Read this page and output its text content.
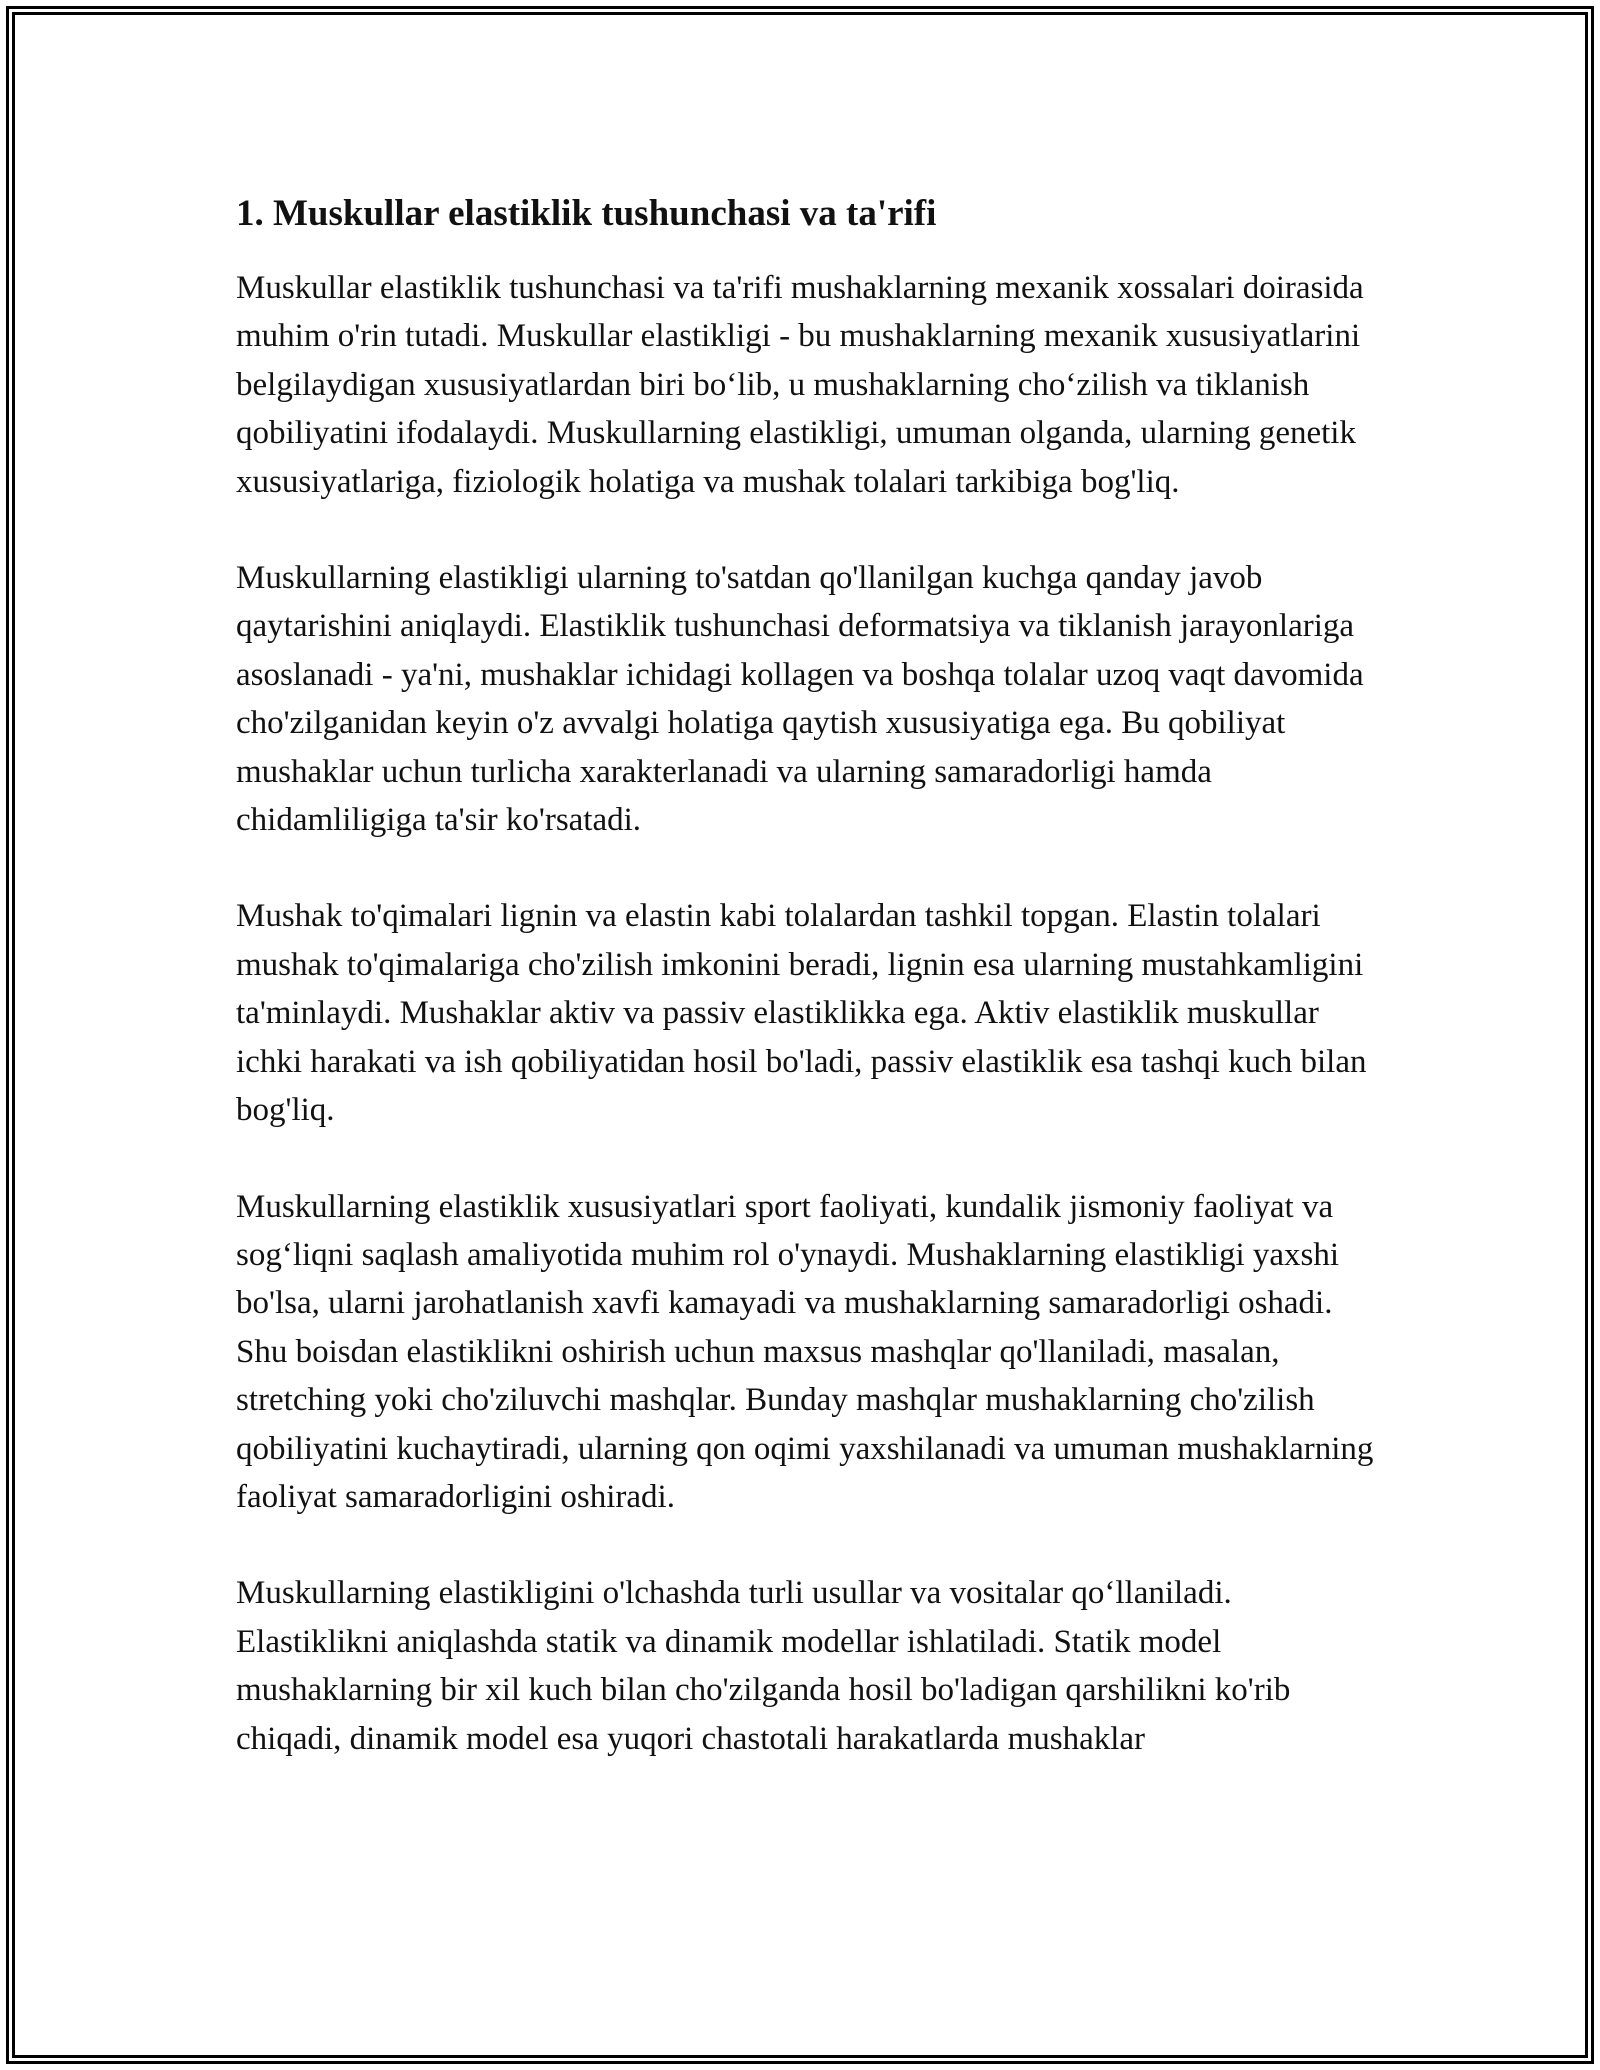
1. Muskullar elastiklik tushunchasi va ta'rifi

Muskullar elastiklik tushunchasi va ta'rifi mushaklarning mexanik xossalari doirasida muhim o'rin tutadi. Muskullar elastikligi - bu mushaklarning mexanik xususiyatlarini belgilaydigan xususiyatlardan biri bo‘lib, u mushaklarning cho‘zilish va tiklanish qobiliyatini ifodalaydi. Muskullarning elastikligi, umuman olganda, ularning genetik xususiyatlariga, fiziologik holatiga va mushak tolalari tarkibiga bog'liq.

Muskullarning elastikligi ularning to'satdan qo'llanilgan kuchga qanday javob qaytarishini aniqlaydi. Elastiklik tushunchasi deformatsiya va tiklanish jarayonlariga asoslanadi - ya'ni, mushaklar ichidagi kollagen va boshqa tolalar uzoq vaqt davomida cho'zilganidan keyin o'z avvalgi holatiga qaytish xususiyatiga ega. Bu qobiliyat mushaklar uchun turlicha xarakterlanadi va ularning samaradorligi hamda chidamliligiga ta'sir ko'rsatadi.

Mushak to'qimalari lignin va elastin kabi tolalardan tashkil topgan. Elastin tolalari mushak to'qimalariga cho'zilish imkonini beradi, lignin esa ularning mustahkamligini ta'minlaydi. Mushaklar aktiv va passiv elastiklikka ega. Aktiv elastiklik muskullar ichki harakati va ish qobiliyatidan hosil bo'ladi, passiv elastiklik esa tashqi kuch bilan bog'liq.

Muskullarning elastiklik xususiyatlari sport faoliyati, kundalik jismoniy faoliyat va sog‘liqni saqlash amaliyotida muhim rol o'ynaydi. Mushaklarning elastikligi yaxshi bo'lsa, ularni jarohatlanish xavfi kamayadi va mushaklarning samaradorligi oshadi. Shu boisdan elastiklikni oshirish uchun maxsus mashqlar qo'llaniladi, masalan, stretching yoki cho'ziluvchi mashqlar. Bunday mashqlar mushaklarning cho'zilish qobiliyatini kuchaytiradi, ularning qon oqimi yaxshilanadi va umuman mushaklarning faoliyat samaradorligini oshiradi.

Muskullarning elastikligini o'lchashda turli usullar va vositalar qo‘llaniladi. Elastiklikni aniqlashda statik va dinamik modellar ishlatiladi. Statik model mushaklarning bir xil kuch bilan cho'zilganda hosil bo'ladigan qarshilikni ko'rib chiqadi, dinamik model esa yuqori chastotali harakatlarda mushaklar
